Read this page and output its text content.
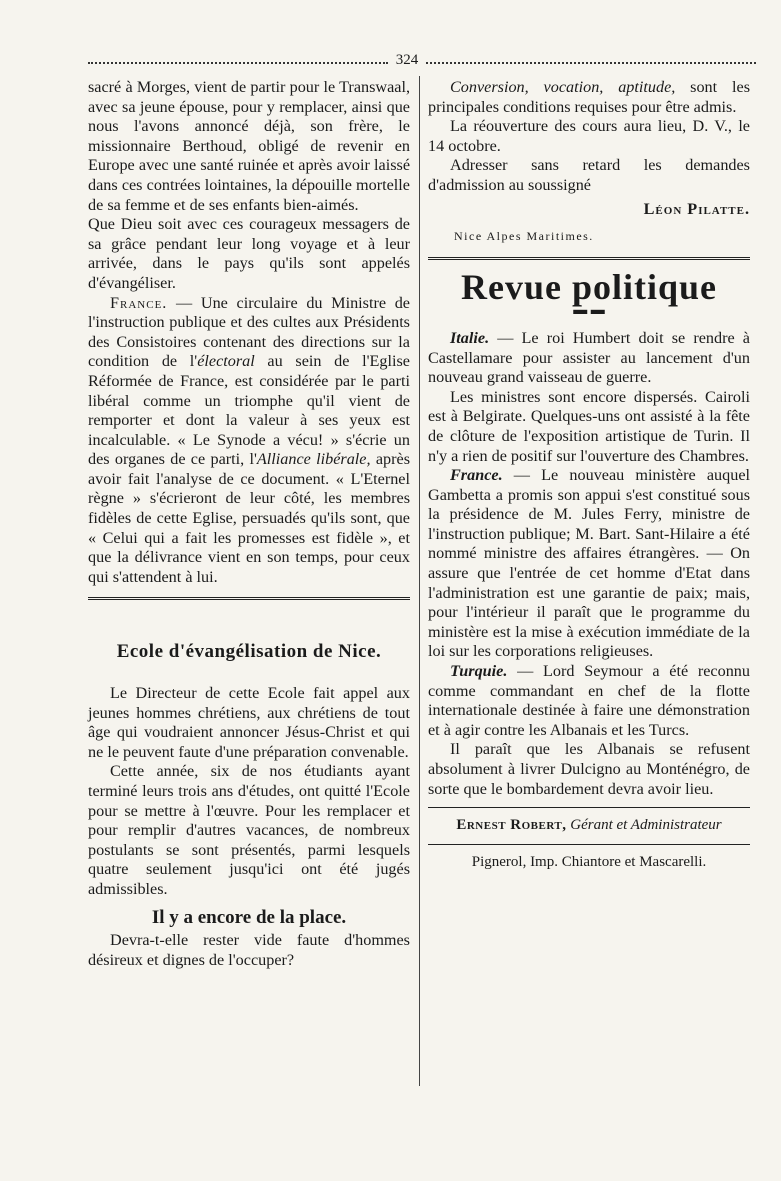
324

sacré à Morges, vient de partir pour le Transwaal, avec sa jeune épouse, pour y remplacer, ainsi que nous l'avons annoncé déjà, son frère, le missionnaire Berthoud, obligé de revenir en Europe avec une santé ruinée et après avoir laissé dans ces contrées lointaines, la dépouille mortelle de sa femme et de ses enfants bien-aimés.

Que Dieu soit avec ces courageux messagers de sa grâce pendant leur long voyage et à leur arrivée, dans le pays qu'ils sont appelés d'évangéliser.

France. — Une circulaire du Ministre de l'instruction publique et des cultes aux Présidents des Consistoires contenant des directions sur la condition de l'électoral au sein de l'Eglise Réformée de France, est considérée par le parti libéral comme un triomphe qu'il vient de remporter et dont la valeur à ses yeux est incalculable. « Le Synode a vécu! » s'écrie un des organes de ce parti, l'Alliance libérale, après avoir fait l'analyse de ce document. « L'Eternel règne » s'écrieront de leur côté, les membres fidèles de cette Eglise, persuadés qu'ils sont, que « Celui qui a fait les promesses est fidèle », et que la délivrance vient en son temps, pour ceux qui s'attendent à lui.

Ecole d'évangélisation de Nice.

Le Directeur de cette Ecole fait appel aux jeunes hommes chrétiens, aux chrétiens de tout âge qui voudraient annoncer Jésus-Christ et qui ne le peuvent faute d'une préparation convenable.

Cette année, six de nos étudiants ayant terminé leurs trois ans d'études, ont quitté l'Ecole pour se mettre à l'œuvre. Pour les remplacer et pour remplir d'autres vacances, de nombreux postulants se sont présentés, parmi lesquels quatre seulement jusqu'ici ont été jugés admissibles.

Il y a encore de la place.

Devra-t-elle rester vide faute d'hommes désireux et dignes de l'occuper?

Conversion, vocation, aptitude, sont les principales conditions requises pour être admis.

La réouverture des cours aura lieu, D. V., le 14 octobre.

Adresser sans retard les demandes d'admission au soussigné

Léon Pilatte.
Nice Alpes Maritimes.
Revue politique
▬ ▬

Italie. — Le roi Humbert doit se rendre à Castellamare pour assister au lancement d'un nouveau grand vaisseau de guerre.

Les ministres sont encore dispersés. Cairoli est à Belgirate. Quelques-uns ont assisté à la fête de clôture de l'exposition artistique de Turin. Il n'y a rien de positif sur l'ouverture des Chambres.

France. — Le nouveau ministère auquel Gambetta a promis son appui s'est constitué sous la présidence de M. Jules Ferry, ministre de l'instruction publique; M. Bart. Sant-Hilaire a été nommé ministre des affaires étrangères. — On assure que l'entrée de cet homme d'Etat dans l'administration est une garantie de paix; mais, pour l'intérieur il paraît que le programme du ministère est la mise à exécution immédiate de la loi sur les corporations religieuses.

Turquie. — Lord Seymour a été reconnu comme commandant en chef de la flotte internationale destinée à faire une démonstration et à agir contre les Albanais et les Turcs.

Il paraît que les Albanais se refusent absolument à livrer Dulcigno au Monténégro, de sorte que le bombardement devra avoir lieu.

Ernest Robert, Gérant et Administrateur
Pignerol, Imp. Chiantore et Mascarelli.
